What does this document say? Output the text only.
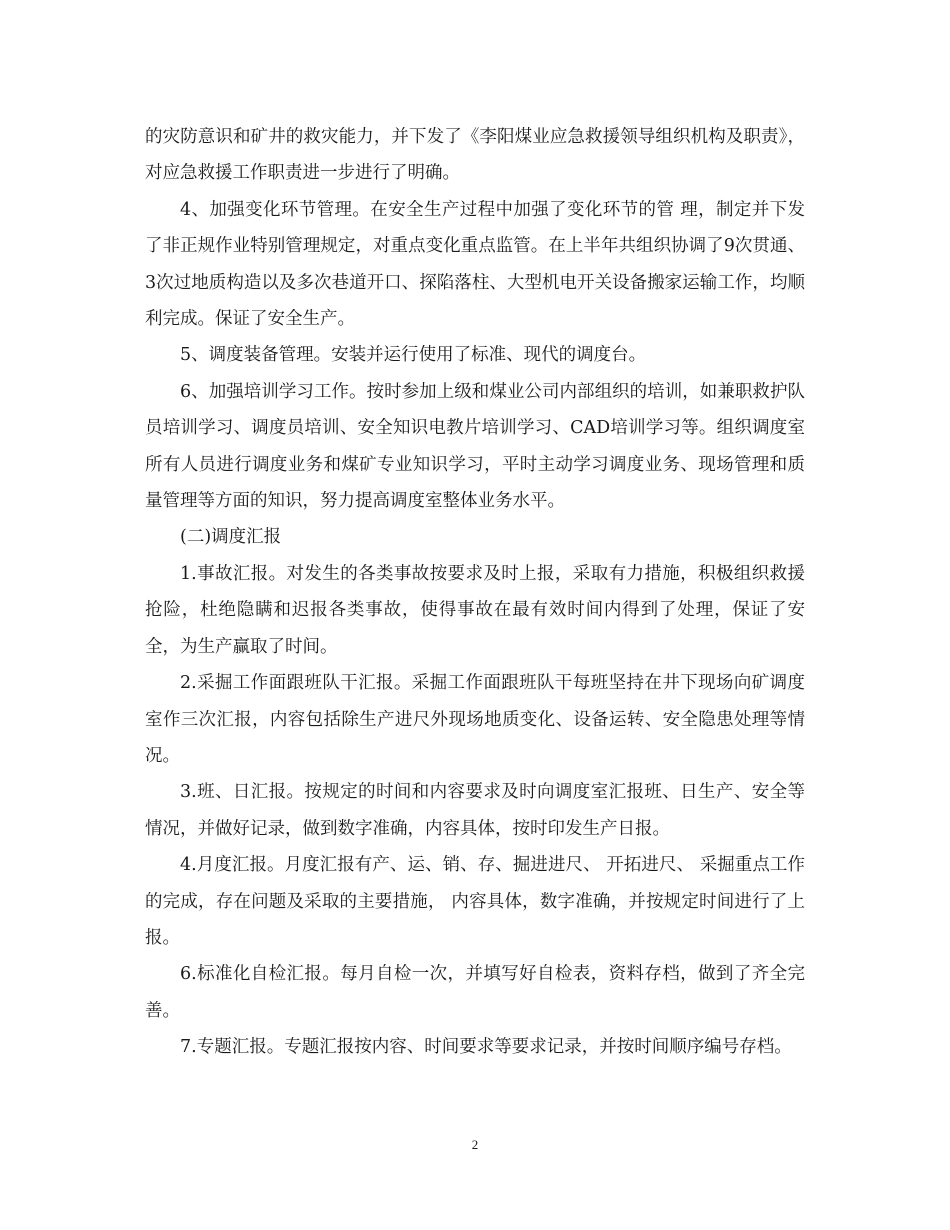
的灾防意识和矿井的救灾能力，并下发了《李阳煤业应急救援领导组织机构及职责》，对应急救援工作职责进一步进行了明确。

4、加强变化环节管理。在安全生产过程中加强了变化环节的管 理，制定并下发了非正规作业特别管理规定，对重点变化重点监管。在上半年共组织协调了9次贯通、3次过地质构造以及多次巷道开口、探陷落柱、大型机电开关设备搬家运输工作，均顺利完成。保证了安全生产。

5、调度装备管理。安装并运行使用了标准、现代的调度台。

6、加强培训学习工作。按时参加上级和煤业公司内部组织的培训，如兼职救护队员培训学习、调度员培训、安全知识电教片培训学习、CAD培训学习等。组织调度室所有人员进行调度业务和煤矿专业知识学习，平时主动学习调度业务、现场管理和质量管理等方面的知识，努力提高调度室整体业务水平。

(二)调度汇报

1.事故汇报。对发生的各类事故按要求及时上报，采取有力措施，积极组织救援抢险，杜绝隐瞒和迟报各类事故，使得事故在最有效时间内得到了处理，保证了安全，为生产赢取了时间。

2.采掘工作面跟班队干汇报。采掘工作面跟班队干每班坚持在井下现场向矿调度室作三次汇报，内容包括除生产进尺外现场地质变化、设备运转、安全隐患处理等情况。

3.班、日汇报。按规定的时间和内容要求及时向调度室汇报班、日生产、安全等情况，并做好记录，做到数字准确，内容具体，按时印发生产日报。

4.月度汇报。月度汇报有产、运、销、存、掘进进尺、 开拓进尺、 采掘重点工作的完成，存在问题及采取的主要措施， 内容具体，数字准确，并按规定时间进行了上报。

6.标准化自检汇报。每月自检一次，并填写好自检表，资料存档，做到了齐全完善。

7.专题汇报。专题汇报按内容、时间要求等要求记录，并按时间顺序编号存档。

2
